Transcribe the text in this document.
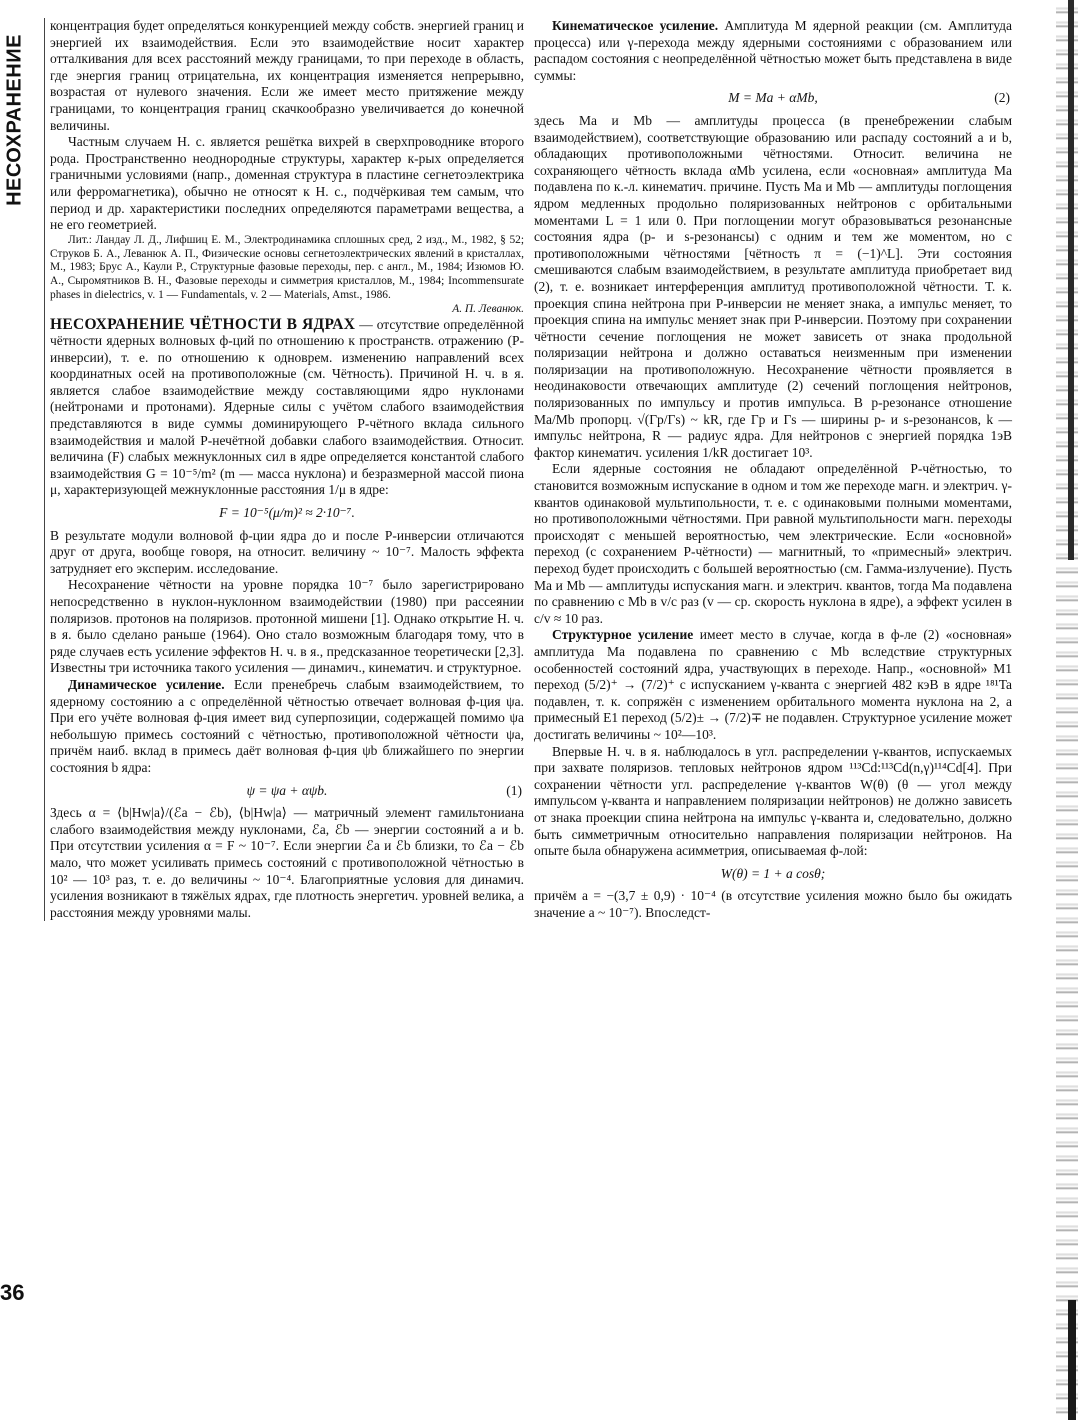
НЕСОХРАНЕНИЕ
36

концентрация будет определяться конкуренцией между собств. энергией границ и энергией их взаимодействия. Если это взаимодействие носит характер отталкивания для всех расстояний между границами, то при переходе в область, где энергия границ отрицательна, их концентрация изменяется непрерывно, возрастая от нулевого значения. Если же имеет место притяжение между границами, то концентрация границ скачкообразно увеличивается до конечной величины.

Частным случаем Н. с. является решётка вихрей в сверхпроводнике второго рода. Пространственно неоднородные структуры, характер к-рых определяется граничными условиями (напр., доменная структура в пластине сегнетоэлектрика или ферромагнетика), обычно не относят к Н. с., подчёркивая тем самым, что период и др. характеристики последних определяются параметрами вещества, а не его геометрией.

Лит.: Ландау Л. Д., Лифшиц Е. М., Электродинамика сплошных сред, 2 изд., М., 1982, § 52; Струков Б. А., Леванюк А. П., Физические основы сегнетоэлектрических явлений в кристаллах, М., 1983; Брус А., Каули Р., Структурные фазовые переходы, пер. с англ., М., 1984; Изюмов Ю. А., Сыромятников В. Н., Фазовые переходы и симметрия кристаллов, М., 1984; Incommensurate phases in dielectrics, v. 1 — Fundamentals, v. 2 — Materials, Amst., 1986.

А. П. Леванюк.

НЕСОХРАНЕНИЕ ЧЁТНОСТИ В ЯДРАХ — отсутствие определённой чётности ядерных волновых ф-ций по отношению к пространств. отражению (P-инверсии), т. е. по отношению к одноврем. изменению направлений всех координатных осей на противоположные (см. Чётность). Причиной Н. ч. в я. является слабое взаимодействие между составляющими ядро нуклонами (нейтронами и протонами). Ядерные силы с учётом слабого взаимодействия представляются в виде суммы доминирующего P-чётного вклада сильного взаимодействия и малой P-нечётной добавки слабого взаимодействия. Относит. величина (F) слабых межнуклонных сил в ядре определяется константой слабого взаимодействия G = 10⁻⁵/m² (m — масса нуклона) и безразмерной массой пиона μ, характеризующей межнуклонные расстояния 1/μ в ядре:

F = 10⁻⁵(μ/m)² ≈ 2·10⁻⁷.

В результате модули волновой ф-ции ядра до и после P-инверсии отличаются друг от друга, вообще говоря, на относит. величину ~ 10⁻⁷. Малость эффекта затрудняет его эксперим. исследование.

Несохранение чётности на уровне порядка 10⁻⁷ было зарегистрировано непосредственно в нуклон-нуклонном взаимодействии (1980) при рассеянии поляризов. протонов на поляризов. протонной мишени [1]. Однако открытие Н. ч. в я. было сделано раньше (1964). Оно стало возможным благодаря тому, что в ряде случаев есть усиление эффектов Н. ч. в я., предсказанное теоретически [2,3]. Известны три источника такого усиления — динамич., кинематич. и структурное.

Динамическое усиление. Если пренебречь слабым взаимодействием, то ядерному состоянию a с определённой чётностью отвечает волновая ф-ция ψa. При его учёте волновая ф-ция имеет вид суперпозиции, содержащей помимо ψa небольшую примесь состояний с чётностью, противоположной чётности ψa, причём наиб. вклад в примесь даёт волновая ф-ция ψb ближайшего по энергии состояния b ядра:

ψ = ψa + αψb.	(1)

Здесь α = ⟨b|Hw|a⟩/(ℰa − ℰb), ⟨b|Hw|a⟩ — матричный элемент гамильтониана слабого взаимодействия между нуклонами, ℰa, ℰb — энергии состояний a и b. При отсутствии усиления α = F ~ 10⁻⁷. Если энергии ℰa и ℰb близки, то ℰa − ℰb мало, что может усиливать примесь состояний с противоположной чётностью в 10² — 10³ раз, т. е. до величины ~ 10⁻⁴. Благоприятные условия для динамич. усиления возникают в тяжёлых ядрах, где плотность энергетич. уровней велика, а расстояния между уровнями малы.

Кинематическое усиление. Амплитуда M ядерной реакции (см. Амплитуда процесса) или γ-перехода между ядерными состояниями с образованием или распадом состояния с неопределённой чётностью может быть представлена в виде суммы:

M = Ma + αMb,	(2)

здесь Ma и Mb — амплитуды процесса (в пренебрежении слабым взаимодействием), соответствующие образованию или распаду состояний a и b, обладающих противоположными чётностями. Относит. величина не сохраняющего чётность вклада αMb усилена, если «основная» амплитуда Ma подавлена по к.-л. кинематич. причине. Пусть Ma и Mb — амплитуды поглощения ядром медленных продольно поляризованных нейтронов с орбитальными моментами L = 1 или 0. При поглощении могут образовываться резонансные состояния ядра (p- и s-резонансы) с одним и тем же моментом, но с противоположными чётностями [чётность π = (−1)^L]. Эти состояния смешиваются слабым взаимодействием, в результате амплитуда приобретает вид (2), т. е. возникает интерференция амплитуд противоположной чётности. Т. к. проекция спина нейтрона при P-инверсии не меняет знака, а импульс меняет, то проекция спина на импульс меняет знак при P-инверсии. Поэтому при сохранении чётности сечение поглощения не может зависеть от знака продольной поляризации нейтрона и должно оставаться неизменным при изменении поляризации на противоположную. Несохранение чётности проявляется в неодинаковости отвечающих амплитуде (2) сечений поглощения нейтронов, поляризованных по импульсу и против импульса. В p-резонансе отношение Ma/Mb пропорц. √(Γp/Γs) ~ kR, где Γp и Γs — ширины p- и s-резонансов, k — импульс нейтрона, R — радиус ядра. Для нейтронов с энергией порядка 1эВ фактор кинематич. усиления 1/kR достигает 10³.

Если ядерные состояния не обладают определённой P-чётностью, то становится возможным испускание в одном и том же переходе магн. и электрич. γ-квантов одинаковой мультипольности, т. е. с одинаковыми полными моментами, но противоположными чётностями. При равной мультипольности магн. переходы происходят с меньшей вероятностью, чем электрические. Если «основной» переход (с сохранением P-чётности) — магнитный, то «примесный» электрич. переход будет происходить с большей вероятностью (см. Гамма-излучение). Пусть Ma и Mb — амплитуды испускания магн. и электрич. квантов, тогда Ma подавлена по сравнению с Mb в v/c раз (v — ср. скорость нуклона в ядре), а эффект усилен в c/v ≈ 10 раз.

Структурное усиление имеет место в случае, когда в ф-ле (2) «основная» амплитуда Ma подавлена по сравнению с Mb вследствие структурных особенностей состояний ядра, участвующих в переходе. Напр., «основной» M1 переход (5/2)⁺ → (7/2)⁺ с испусканием γ-кванта с энергией 482 кэВ в ядре ¹⁸¹Ta подавлен, т. к. сопряжён с изменением орбитального момента нуклона на 2, а примесный E1 переход (5/2)± → (7/2)∓ не подавлен. Структурное усиление может достигать величины ~ 10²—10³.

Впервые Н. ч. в я. наблюдалось в угл. распределении γ-квантов, испускаемых при захвате поляризов. тепловых нейтронов ядром ¹¹³Cd:¹¹³Cd(n,γ)¹¹⁴Cd[4]. При сохранении чётности угл. распределение γ-квантов W(θ) (θ — угол между импульсом γ-кванта и направлением поляризации нейтронов) не должно зависеть от знака проекции спина нейтрона на импульс γ-кванта и, следовательно, должно быть симметричным относительно направления поляризации нейтронов. На опыте была обнаружена асимметрия, описываемая ф-лой:

W(θ) = 1 + a cosθ;

причём a = −(3,7 ± 0,9) · 10⁻⁴ (в отсутствие усиления можно было бы ожидать значение a ~ 10⁻⁷). Впоследст-
